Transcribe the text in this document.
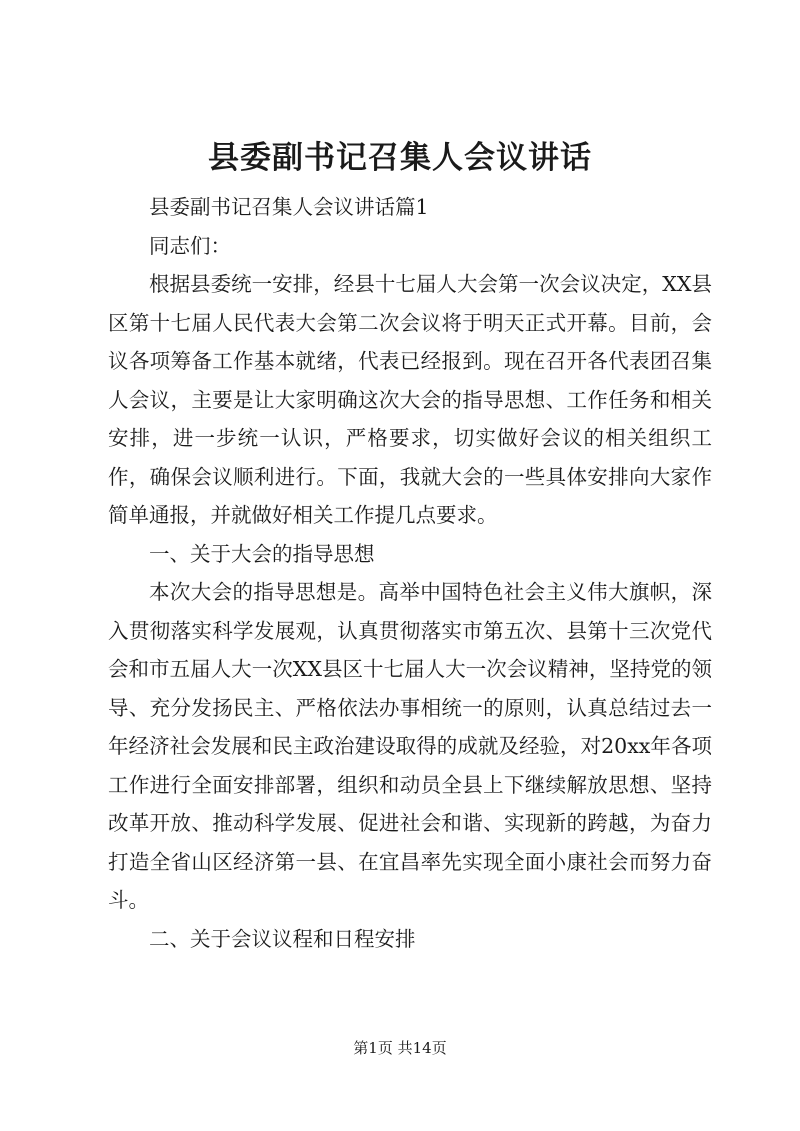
县委副书记召集人会议讲话

县委副书记召集人会议讲话篇1

同志们：

根据县委统一安排，经县十七届人大会第一次会议决定，XX县区第十七届人民代表大会第二次会议将于明天正式开幕。目前，会议各项筹备工作基本就绪，代表已经报到。现在召开各代表团召集人会议，主要是让大家明确这次大会的指导思想、工作任务和相关安排，进一步统一认识，严格要求，切实做好会议的相关组织工作，确保会议顺利进行。下面，我就大会的一些具体安排向大家作简单通报，并就做好相关工作提几点要求。

一、关于大会的指导思想

本次大会的指导思想是。高举中国特色社会主义伟大旗帜，深入贯彻落实科学发展观，认真贯彻落实市第五次、县第十三次党代会和市五届人大一次XX县区十七届人大一次会议精神，坚持党的领导、充分发扬民主、严格依法办事相统一的原则，认真总结过去一年经济社会发展和民主政治建设取得的成就及经验，对20xx年各项工作进行全面安排部署，组织和动员全县上下继续解放思想、坚持改革开放、推动科学发展、促进社会和谐、实现新的跨越，为奋力打造全省山区经济第一县、在宜昌率先实现全面小康社会而努力奋斗。

二、关于会议议程和日程安排

第1页 共14页
